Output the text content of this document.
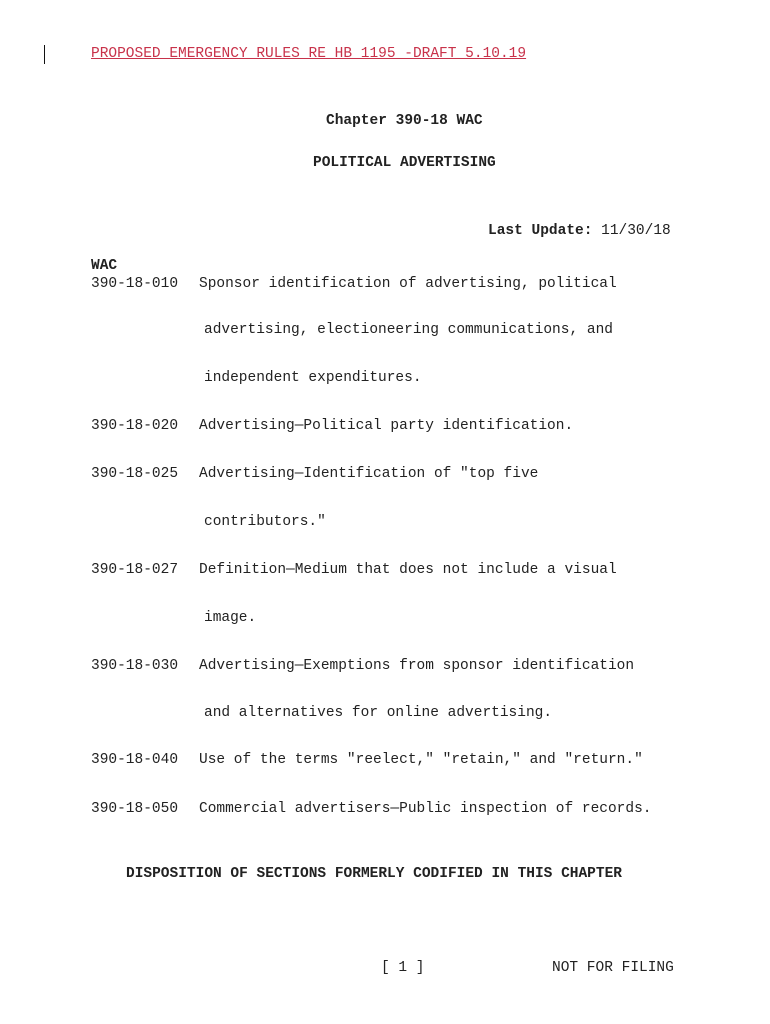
PROPOSED EMERGENCY RULES RE HB 1195 -DRAFT 5.10.19
Chapter 390-18 WAC
POLITICAL ADVERTISING
Last Update: 11/30/18
WAC
390-18-010 Sponsor identification of advertising, political
advertising, electioneering communications, and
independent expenditures.
390-18-020 Advertising—Political party identification.
390-18-025 Advertising—Identification of "top five
contributors."
390-18-027 Definition—Medium that does not include a visual
image.
390-18-030 Advertising—Exemptions from sponsor identification
and alternatives for online advertising.
390-18-040 Use of the terms "reelect," "retain," and "return."
390-18-050 Commercial advertisers—Public inspection of records.
DISPOSITION OF SECTIONS FORMERLY CODIFIED IN THIS CHAPTER
[ 1 ]	NOT FOR FILING
